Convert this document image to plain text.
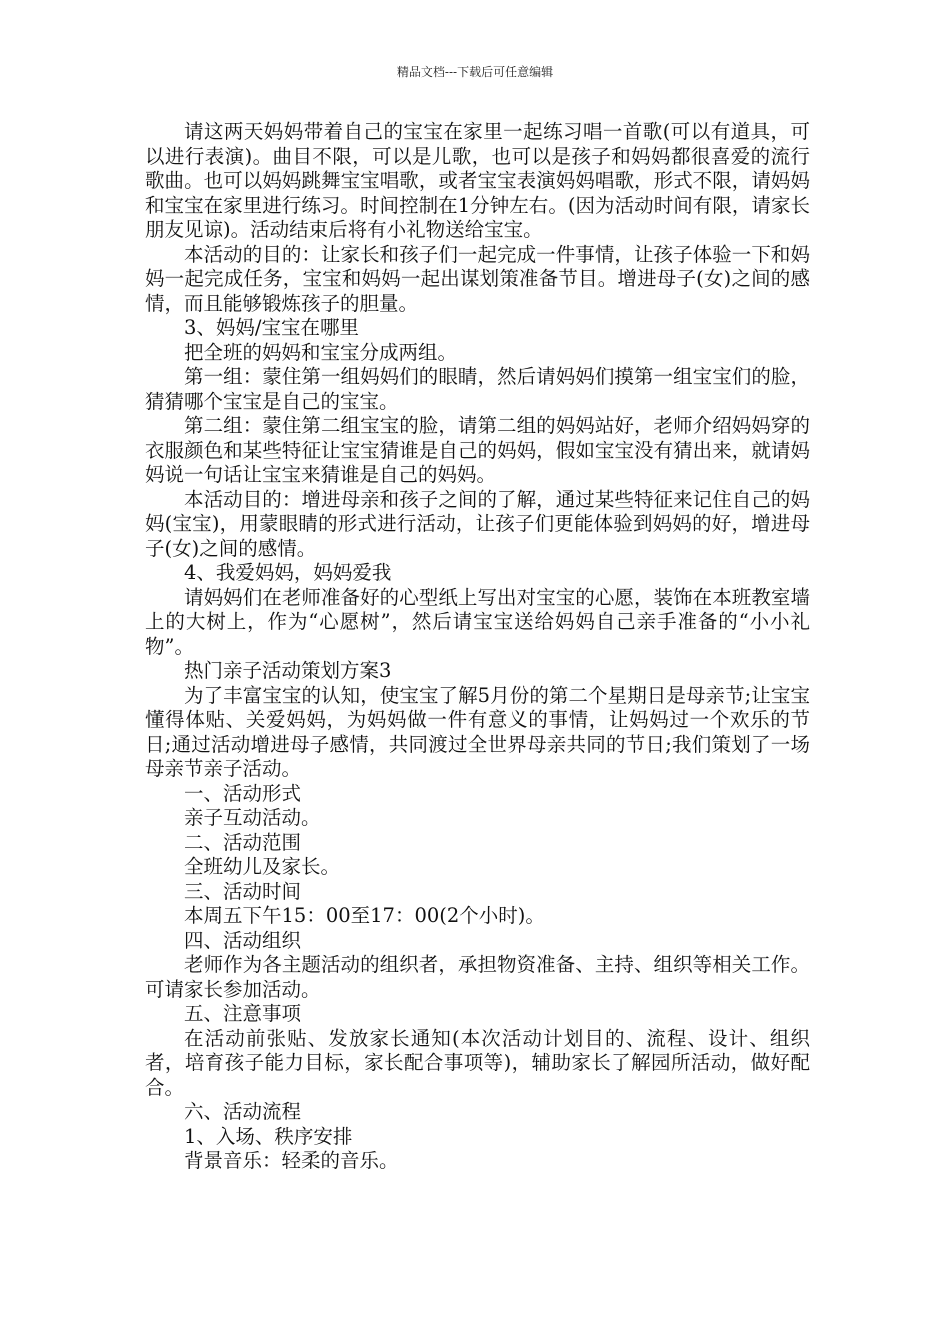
精品文档---下载后可任意编辑

请这两天妈妈带着自己的宝宝在家里一起练习唱一首歌(可以有道具，可以进行表演)。曲目不限，可以是儿歌，也可以是孩子和妈妈都很喜爱的流行歌曲。也可以妈妈跳舞宝宝唱歌，或者宝宝表演妈妈唱歌，形式不限，请妈妈和宝宝在家里进行练习。时间控制在1分钟左右。(因为活动时间有限，请家长朋友见谅)。活动结束后将有小礼物送给宝宝。

本活动的目的：让家长和孩子们一起完成一件事情，让孩子体验一下和妈妈一起完成任务，宝宝和妈妈一起出谋划策准备节目。增进母子(女)之间的感情，而且能够锻炼孩子的胆量。

3、妈妈/宝宝在哪里

把全班的妈妈和宝宝分成两组。

第一组：蒙住第一组妈妈们的眼睛，然后请妈妈们摸第一组宝宝们的脸，猜猜哪个宝宝是自己的宝宝。

第二组：蒙住第二组宝宝的脸，请第二组的妈妈站好，老师介绍妈妈穿的衣服颜色和某些特征让宝宝猜谁是自己的妈妈，假如宝宝没有猜出来，就请妈妈说一句话让宝宝来猜谁是自己的妈妈。

本活动目的：增进母亲和孩子之间的了解，通过某些特征来记住自己的妈妈(宝宝)，用蒙眼睛的形式进行活动，让孩子们更能体验到妈妈的好，增进母子(女)之间的感情。

4、我爱妈妈，妈妈爱我

请妈妈们在老师准备好的心型纸上写出对宝宝的心愿，装饰在本班教室墙上的大树上，作为“心愿树”，然后请宝宝送给妈妈自己亲手准备的“小小礼物”。

热门亲子活动策划方案3

为了丰富宝宝的认知，使宝宝了解5月份的第二个星期日是母亲节;让宝宝懂得体贴、关爱妈妈，为妈妈做一件有意义的事情，让妈妈过一个欢乐的节日;通过活动增进母子感情，共同渡过全世界母亲共同的节日;我们策划了一场母亲节亲子活动。

一、活动形式

亲子互动活动。

二、活动范围

全班幼儿及家长。

三、活动时间

本周五下午15：00至17：00(2个小时)。

四、活动组织

老师作为各主题活动的组织者，承担物资准备、主持、组织等相关工作。可请家长参加活动。

五、注意事项

在活动前张贴、发放家长通知(本次活动计划目的、流程、设计、组织者，培育孩子能力目标，家长配合事项等)，辅助家长了解园所活动，做好配合。

六、活动流程

1、入场、秩序安排

背景音乐：轻柔的音乐。
